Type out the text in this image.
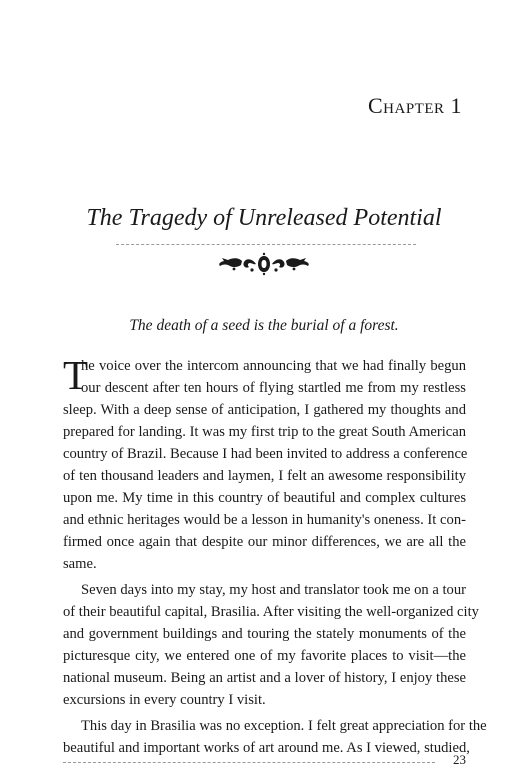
Chapter 1
The Tragedy of Unreleased Potential
The death of a seed is the burial of a forest.
T
he voice over the intercom announcing that we had finally begun
our descent after ten hours of flying startled me from my restless
sleep. With a deep sense of anticipation, I gathered my thoughts and
prepared for landing. It was my first trip to the great South American
country of Brazil. Because I had been invited to address a conference
of ten thousand leaders and laymen, I felt an awesome responsibility
upon me. My time in this country of beautiful and complex cultures
and ethnic heritages would be a lesson in humanity's oneness. It con-
firmed once again that despite our minor differences, we are all the
same.
Seven days into my stay, my host and translator took me on a tour
of their beautiful capital, Brasilia. After visiting the well-organized city
and government buildings and touring the stately monuments of the
picturesque city, we entered one of my favorite places to visit—the
national museum. Being an artist and a lover of history, I enjoy these
excursions in every country I visit.
This day in Brasilia was no exception. I felt great appreciation for the
beautiful and important works of art around me. As I viewed, studied,
23
